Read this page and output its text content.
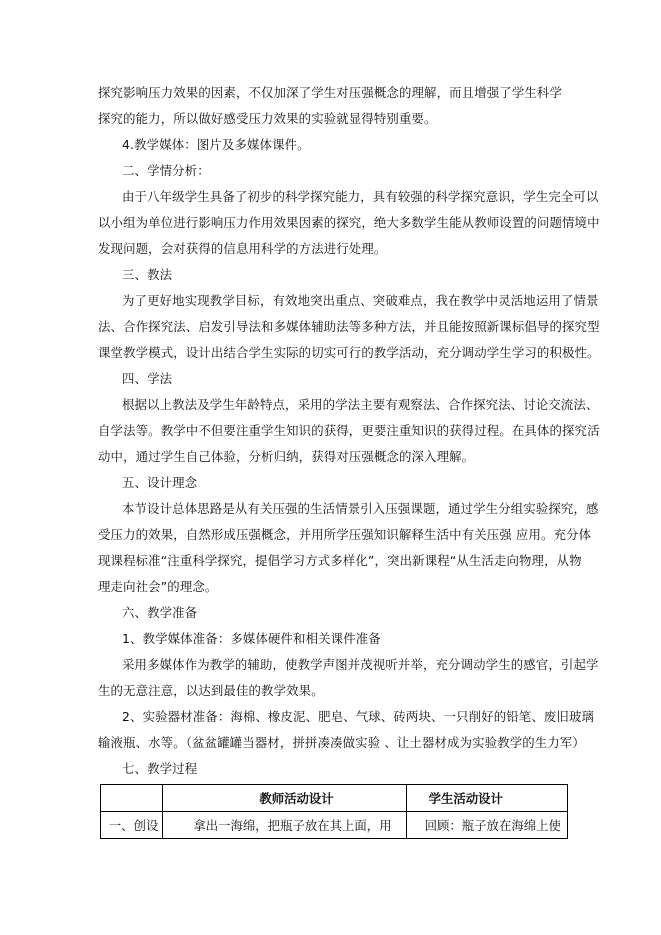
探究影响压力效果的因素，不仅加深了学生对压强概念的理解，而且增强了学生科学
探究的能力，所以做好感受压力效果的实验就显得特别重要。
4.教学媒体：图片及多媒体课件。
二、学情分析：
由于八年级学生具备了初步的科学探究能力，具有较强的科学探究意识，学生完全可以
以小组为单位进行影响压力作用效果因素的探究，绝大多数学生能从教师设置的问题情境中
发现问题，会对获得的信息用科学的方法进行处理。
三、教法
为了更好地实现教学目标，有效地突出重点、突破难点，我在教学中灵活地运用了情景
法、合作探究法、启发引导法和多媒体辅助法等多种方法，并且能按照新课标倡导的探究型
课堂教学模式，设计出结合学生实际的切实可行的教学活动，充分调动学生学习的积极性。
四、学法
根据以上教法及学生年龄特点，采用的学法主要有观察法、合作探究法、讨论交流法、
自学法等。教学中不但要注重学生知识的获得，更要注重知识的获得过程。在具体的探究活
动中，通过学生自己体验，分析归纳，获得对压强概念的深入理解。
五、设计理念
本节设计总体思路是从有关压强的生活情景引入压强课题，通过学生分组实验探究，感
受压力的效果，自然形成压强概念，并用所学压强知识解释生活中有关压强 应用。充分体
现课程标准“注重科学探究，提倡学习方式多样化”，突出新课程“从生活走向物理，从物
理走向社会”的理念。
六、教学准备
1、教学媒体准备：多媒体硬件和相关课件准备
采用多媒体作为教学的辅助，使教学声图并茂视听并举，充分调动学生的感官，引起学
生的无意注意，以达到最佳的教学效果。
2、实验器材准备：海棉、橡皮泥、肥皂、气球、砖两块、一只削好的铅笔、废旧玻璃
输液瓶、水等。（盆盆罐罐当器材，拼拼凑凑做实验 、让土器材成为实验教学的生力军）
七、教学过程
	教师活动设计	学生活动设计
一、创设	拿出一海绵，把瓶子放在其上面，用	回顾：瓶子放在海绵上使
